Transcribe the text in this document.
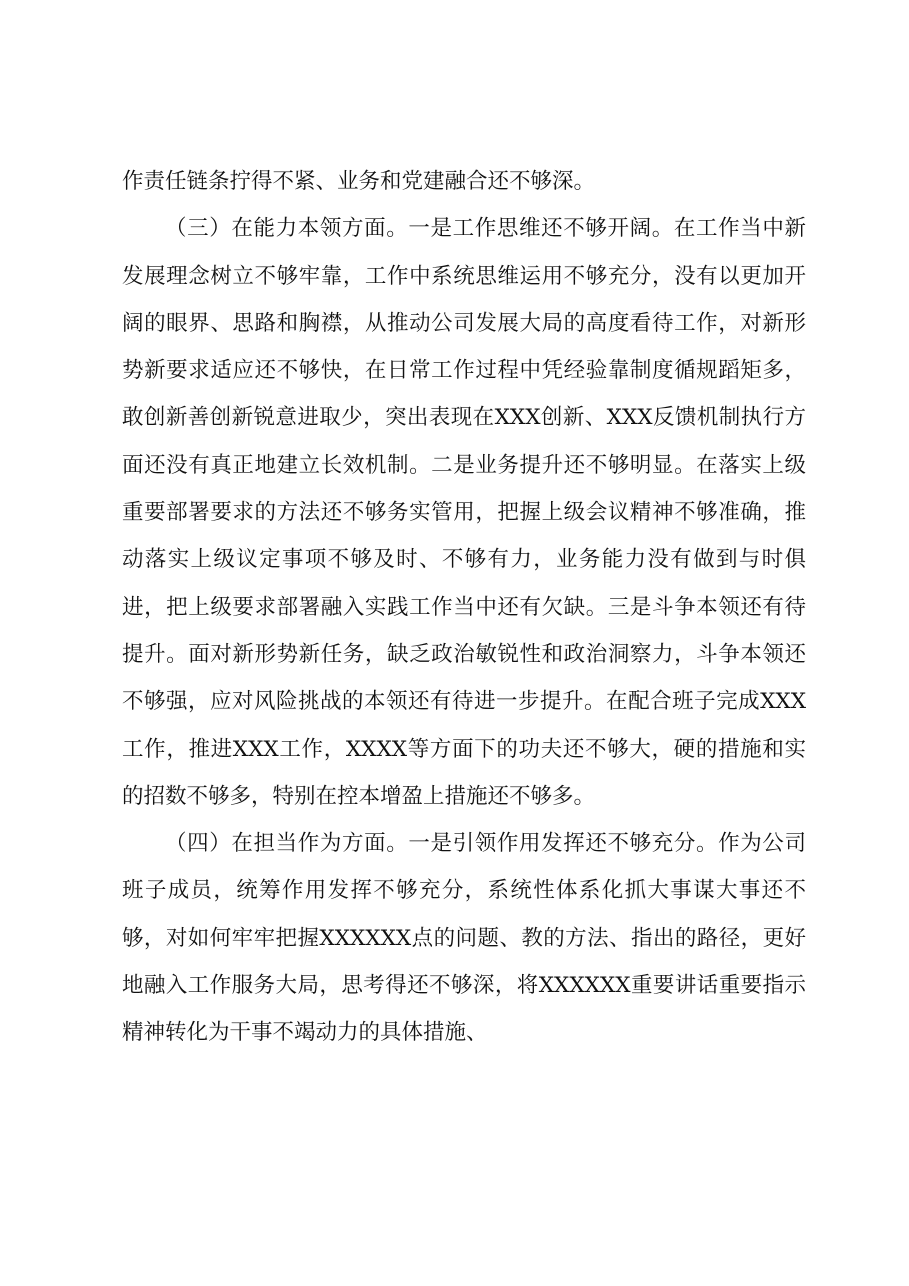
作责任链条拧得不紧、业务和党建融合还不够深。

（三）在能力本领方面。一是工作思维还不够开阔。在工作当中新发展理念树立不够牢靠，工作中系统思维运用不够充分，没有以更加开阔的眼界、思路和胸襟，从推动公司发展大局的高度看待工作，对新形势新要求适应还不够快，在日常工作过程中凭经验靠制度循规蹈矩多，敢创新善创新锐意进取少，突出表现在XXX创新、XXX反馈机制执行方面还没有真正地建立长效机制。二是业务提升还不够明显。在落实上级重要部署要求的方法还不够务实管用，把握上级会议精神不够准确，推动落实上级议定事项不够及时、不够有力，业务能力没有做到与时俱进，把上级要求部署融入实践工作当中还有欠缺。三是斗争本领还有待提升。面对新形势新任务，缺乏政治敏锐性和政治洞察力，斗争本领还不够强，应对风险挑战的本领还有待进一步提升。在配合班子完成XXX工作，推进XXX工作，XXXX等方面下的功夫还不够大，硬的措施和实的招数不够多，特别在控本增盈上措施还不够多。

（四）在担当作为方面。一是引领作用发挥还不够充分。作为公司班子成员，统筹作用发挥不够充分，系统性体系化抓大事谋大事还不够，对如何牢牢把握XXXXXX点的问题、教的方法、指出的路径，更好地融入工作服务大局，思考得还不够深，将XXXXXX重要讲话重要指示精神转化为干事不竭动力的具体措施、
